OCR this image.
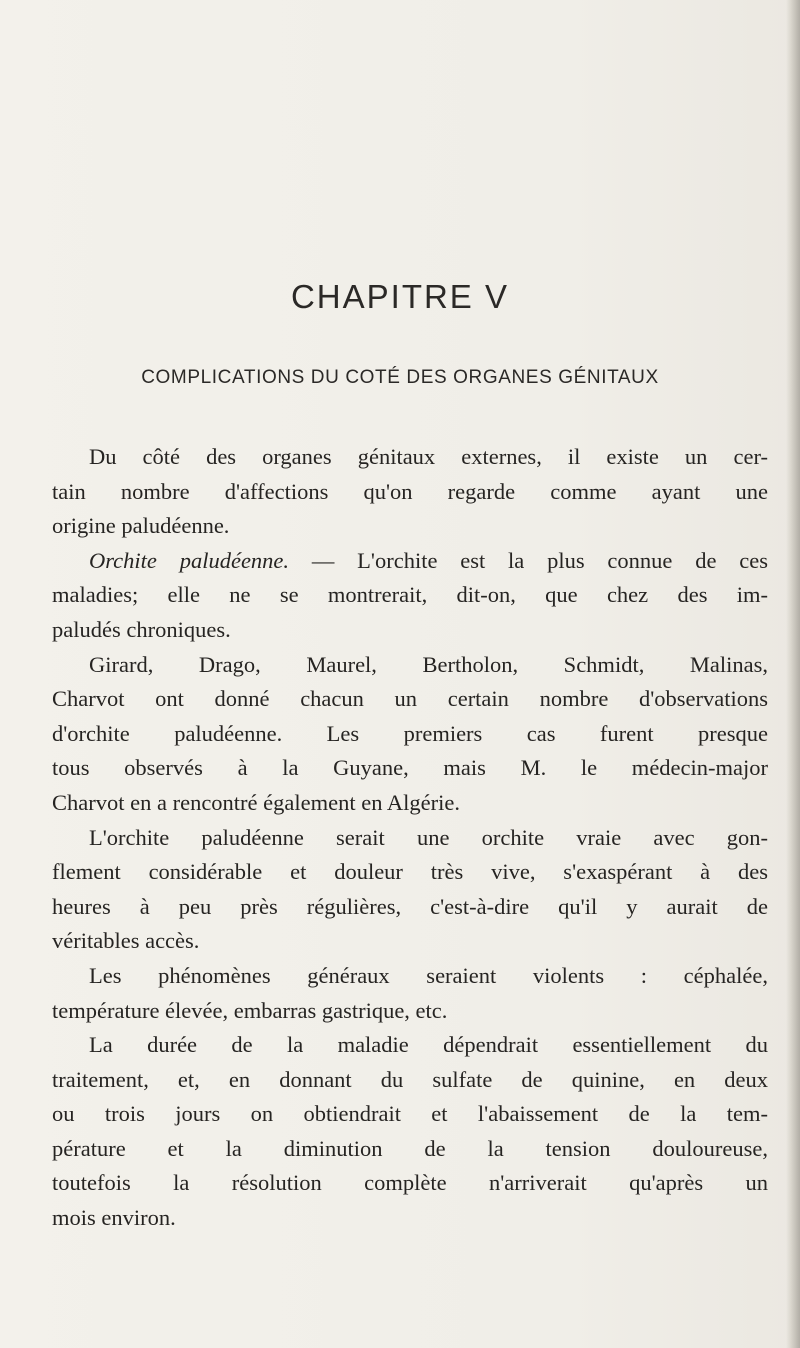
CHAPITRE V
COMPLICATIONS DU COTÉ DES ORGANES GÉNITAUX
Du côté des organes génitaux externes, il existe un cer-
tain nombre d'affections qu'on regarde comme ayant une
origine paludéenne.
Orchite paludéenne. — L'orchite est la plus connue de ces
maladies; elle ne se montrerait, dit-on, que chez des im-
paludés chroniques.
Girard, Drago, Maurel, Bertholon, Schmidt, Malinas,
Charvot ont donné chacun un certain nombre d'observations
d'orchite paludéenne. Les premiers cas furent presque
tous observés à la Guyane, mais M. le médecin-major
Charvot en a rencontré également en Algérie.
L'orchite paludéenne serait une orchite vraie avec gon-
flement considérable et douleur très vive, s'exaspérant à des
heures à peu près régulières, c'est-à-dire qu'il y aurait de
véritables accès.
Les phénomènes généraux seraient violents : céphalée,
température élevée, embarras gastrique, etc.
La durée de la maladie dépendrait essentiellement du
traitement, et, en donnant du sulfate de quinine, en deux
ou trois jours on obtiendrait et l'abaissement de la tem-
pérature et la diminution de la tension douloureuse,
toutefois la résolution complète n'arriverait qu'après un
mois environ.
